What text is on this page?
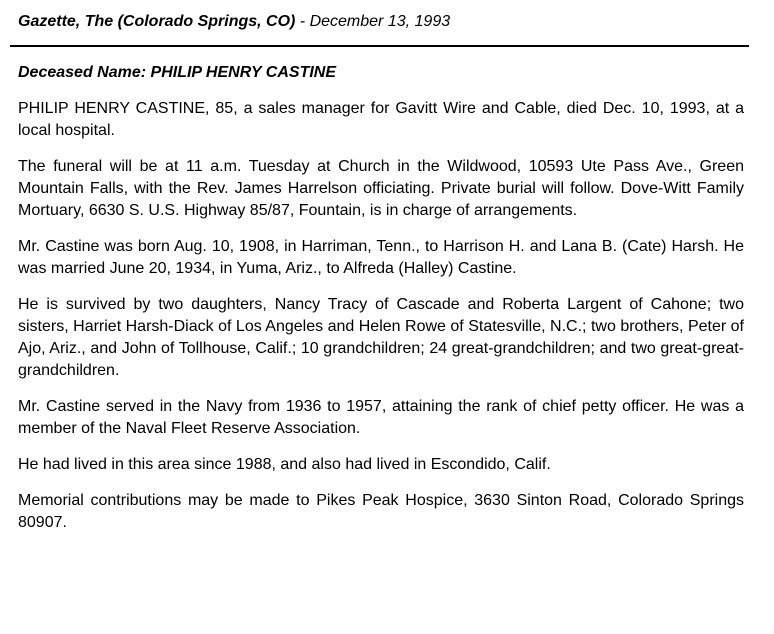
Gazette, The (Colorado Springs, CO) - December 13, 1993
Deceased Name: PHILIP HENRY CASTINE

PHILIP HENRY CASTINE, 85, a sales manager for Gavitt Wire and Cable, died Dec. 10, 1993, at a local hospital.

The funeral will be at 11 a.m. Tuesday at Church in the Wildwood, 10593 Ute Pass Ave., Green Mountain Falls, with the Rev. James Harrelson officiating. Private burial will follow. Dove-Witt Family Mortuary, 6630 S. U.S. Highway 85/87, Fountain, is in charge of arrangements.

Mr. Castine was born Aug. 10, 1908, in Harriman, Tenn., to Harrison H. and Lana B. (Cate) Harsh. He was married June 20, 1934, in Yuma, Ariz., to Alfreda (Halley) Castine.

He is survived by two daughters, Nancy Tracy of Cascade and Roberta Largent of Cahone; two sisters, Harriet Harsh-Diack of Los Angeles and Helen Rowe of Statesville, N.C.; two brothers, Peter of Ajo, Ariz., and John of Tollhouse, Calif.; 10 grandchildren; 24 great-grandchildren; and two great-great-grandchildren.

Mr. Castine served in the Navy from 1936 to 1957, attaining the rank of chief petty officer. He was a member of the Naval Fleet Reserve Association.

He had lived in this area since 1988, and also had lived in Escondido, Calif.

Memorial contributions may be made to Pikes Peak Hospice, 3630 Sinton Road, Colorado Springs 80907.
